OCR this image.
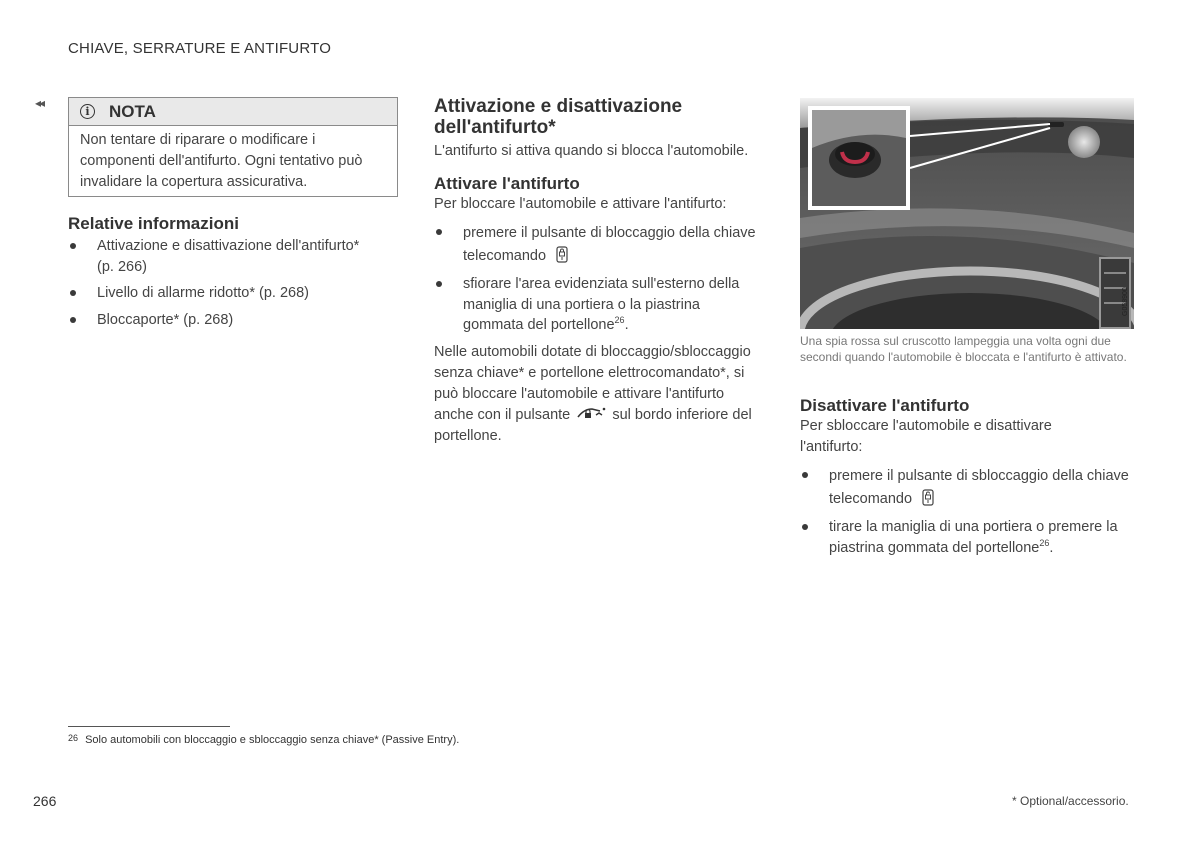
CHIAVE, SERRATURE E ANTIFURTO
◂◂
i	NOTA
Non tentare di riparare o modificare i componenti dell'antifurto. Ogni tentativo può invalidare la copertura assicurativa.
Relative informazioni
Attivazione e disattivazione dell'antifurto* (p. 266)
Livello di allarme ridotto* (p. 268)
Bloccaporte* (p. 268)
Attivazione e disattivazione dell'antifurto*
L'antifurto si attiva quando si blocca l'automobile.
Attivare l'antifurto
Per bloccare l'automobile e attivare l'antifurto:
premere il pulsante di bloccaggio della chiave telecomando
sfiorare l'area evidenziata sull'esterno della maniglia di una portiera o la piastrina gommata del portellone$^{26}$.
Nelle automobili dotate di bloccaggio/sbloccaggio senza chiave* e portellone elettrocomandato*, si può bloccare l'automobile e attivare l'antifurto anche con il pulsante	sul bordo inferiore del portellone.
G058900
Una spia rossa sul cruscotto lampeggia una volta ogni due secondi quando l'automobile è bloccata e l'antifurto è attivato.
Disattivare l'antifurto
Per sbloccare l'automobile e disattivare l'antifurto:
premere il pulsante di sbloccaggio della chiave telecomando
tirare la maniglia di una portiera o premere la piastrina gommata del portellone$^{26}$.
26 Solo automobili con bloccaggio e sbloccaggio senza chiave* (Passive Entry).
266	* Optional/accessorio.
